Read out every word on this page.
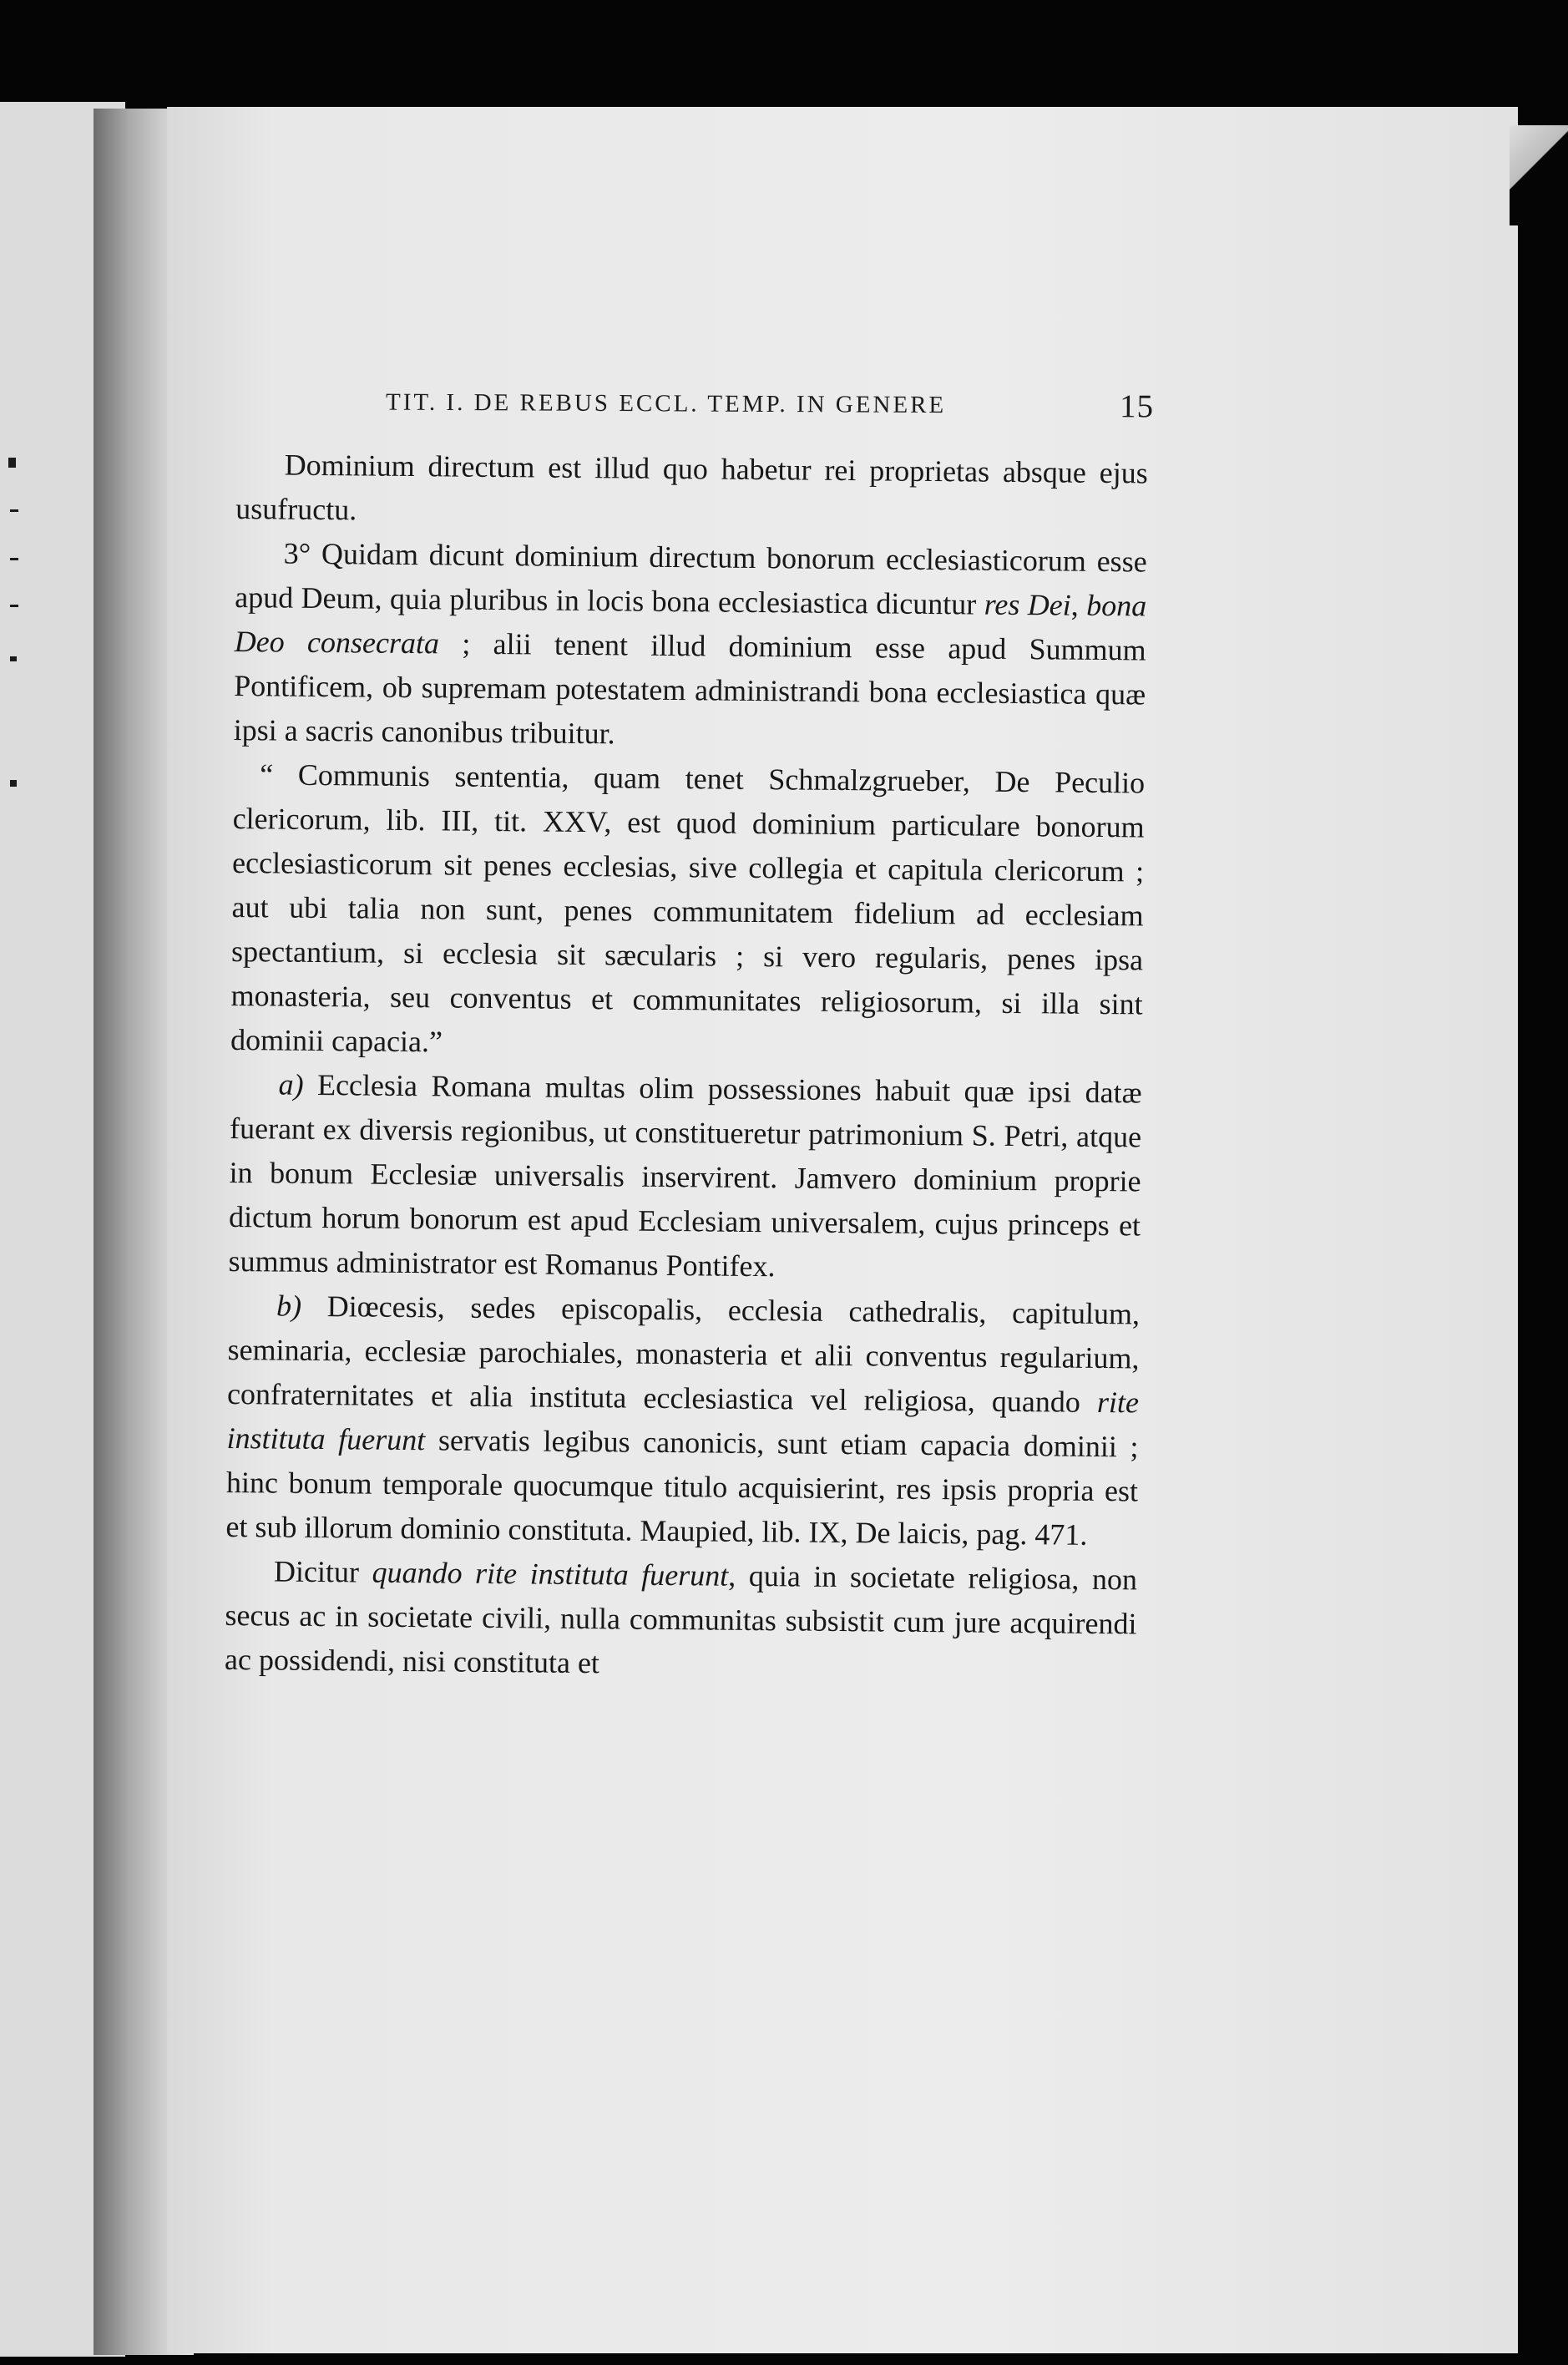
TIT. I. DE REBUS ECCL. TEMP. IN GENERE	15

Dominium directum est illud quo habetur rei proprietas absque ejus usufructu.

3° Quidam dicunt dominium directum bonorum ecclesiasticorum esse apud Deum, quia pluribus in locis bona ecclesiastica dicuntur res Dei, bona Deo consecrata ; alii tenent illud dominium esse apud Summum Pontificem, ob supremam potestatem administrandi bona ecclesiastica quæ ipsi a sacris canonibus tribuitur.

“ Communis sententia, quam tenet Schmalzgrueber, De Peculio clericorum, lib. III, tit. XXV, est quod dominium particulare bonorum ecclesiasticorum sit penes ecclesias, sive collegia et capitula clericorum ; aut ubi talia non sunt, penes communitatem fidelium ad ecclesiam spectantium, si ecclesia sit sæcularis ; si vero regularis, penes ipsa monasteria, seu conventus et communitates religiosorum, si illa sint dominii capacia.”

a) Ecclesia Romana multas olim possessiones habuit quæ ipsi datæ fuerant ex diversis regionibus, ut constitueretur patrimonium S. Petri, atque in bonum Ecclesiæ universalis inservirent. Jamvero dominium proprie dictum horum bonorum est apud Ecclesiam universalem, cujus princeps et summus administrator est Romanus Pontifex.

b) Diœcesis, sedes episcopalis, ecclesia cathedralis, capitulum, seminaria, ecclesiæ parochiales, monasteria et alii conventus regularium, confraternitates et alia instituta ecclesiastica vel religiosa, quando rite instituta fuerunt servatis legibus canonicis, sunt etiam capacia dominii ; hinc bonum temporale quocumque titulo acquisierint, res ipsis propria est et sub illorum dominio constituta. Maupied, lib. IX, De laicis, pag. 471.

Dicitur quando rite instituta fuerunt, quia in societate religiosa, non secus ac in societate civili, nulla communitas subsistit cum jure acquirendi ac possidendi, nisi constituta et
